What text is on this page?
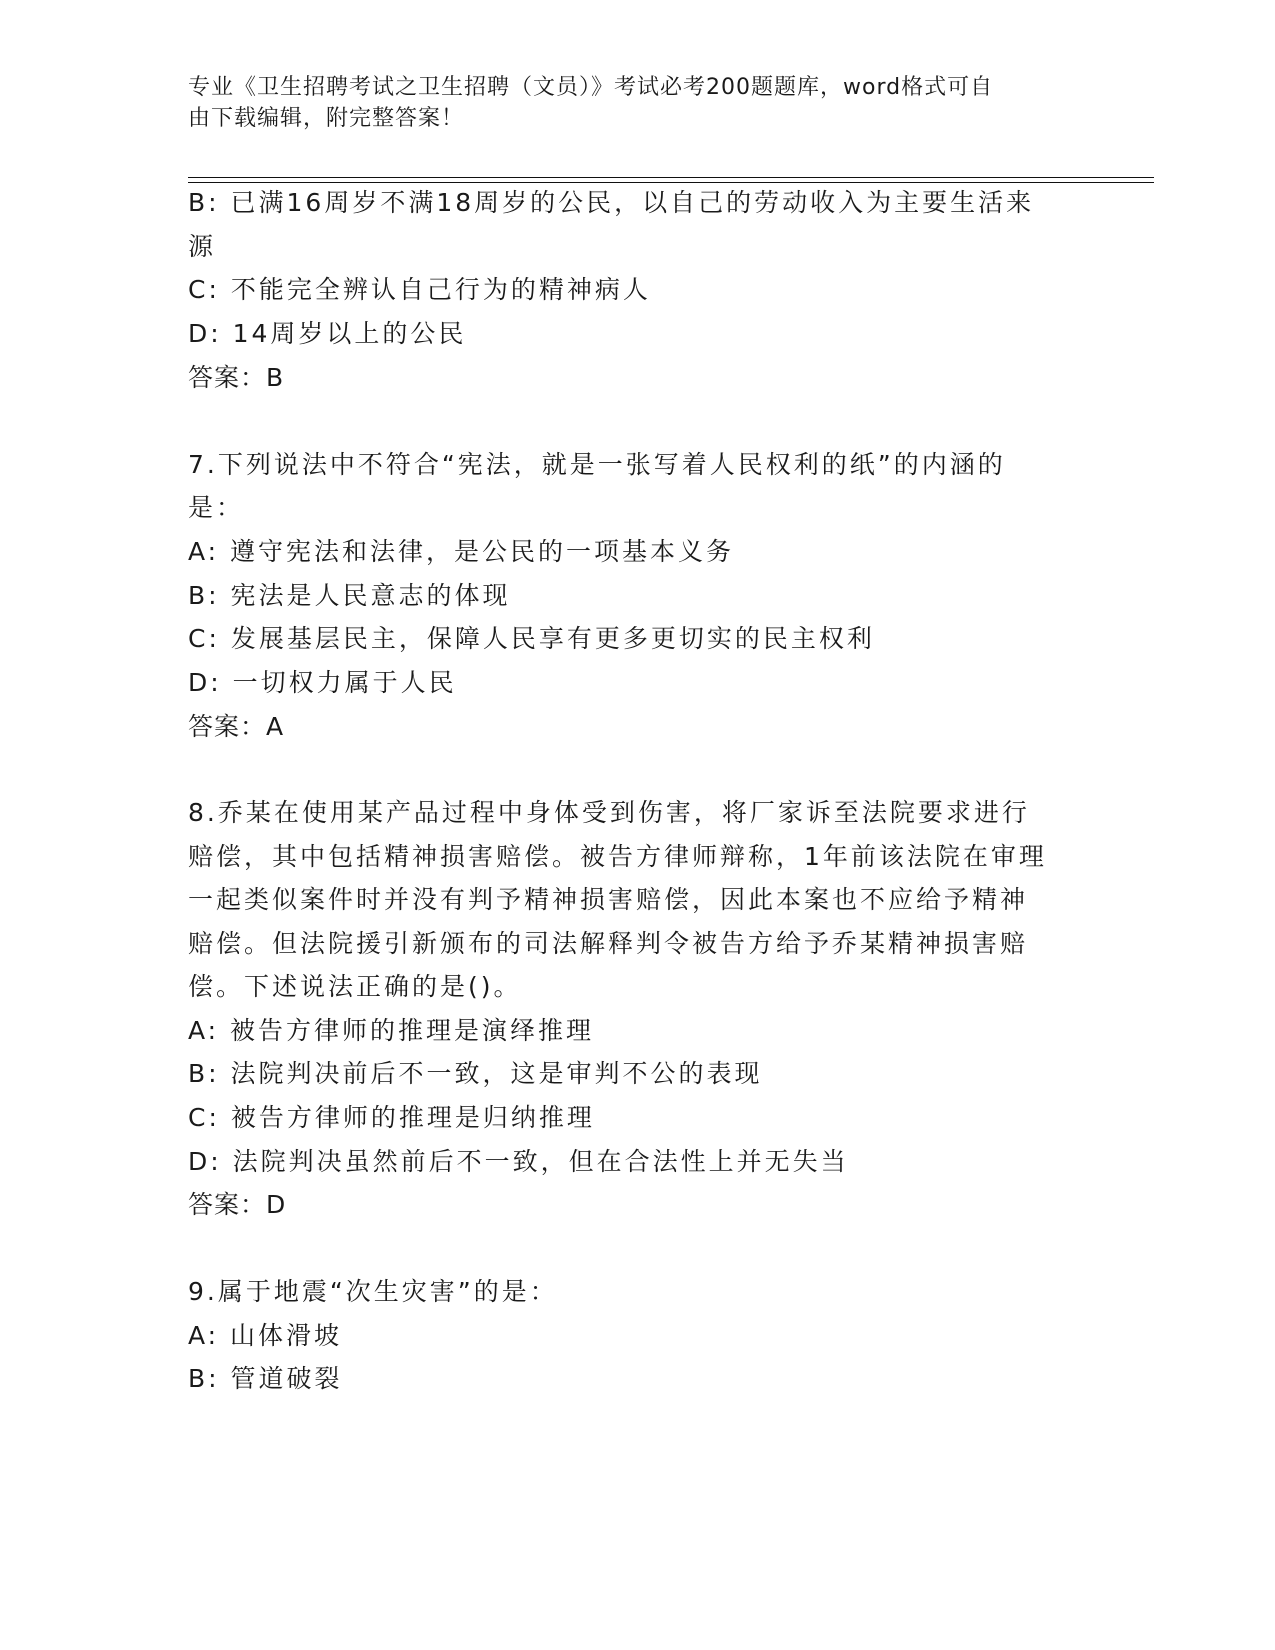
专业《卫生招聘考试之卫生招聘（文员）》考试必考200题题库，word格式可自
由下载编辑，附完整答案！
B: 已满16周岁不满18周岁的公民，以自己的劳动收入为主要生活来
源
C: 不能完全辨认自己行为的精神病人
D: 14周岁以上的公民
答案：B
7.下列说法中不符合“宪法，就是一张写着人民权利的纸”的内涵的
是：
A: 遵守宪法和法律，是公民的一项基本义务
B: 宪法是人民意志的体现
C: 发展基层民主，保障人民享有更多更切实的民主权利
D: 一切权力属于人民
答案：A
8.乔某在使用某产品过程中身体受到伤害，将厂家诉至法院要求进行
赔偿，其中包括精神损害赔偿。被告方律师辩称，1年前该法院在审理
一起类似案件时并没有判予精神损害赔偿，因此本案也不应给予精神
赔偿。但法院援引新颁布的司法解释判令被告方给予乔某精神损害赔
偿。下述说法正确的是()。
A: 被告方律师的推理是演绎推理
B: 法院判决前后不一致，这是审判不公的表现
C: 被告方律师的推理是归纳推理
D: 法院判决虽然前后不一致，但在合法性上并无失当
答案：D
9.属于地震“次生灾害”的是：
A: 山体滑坡
B: 管道破裂
